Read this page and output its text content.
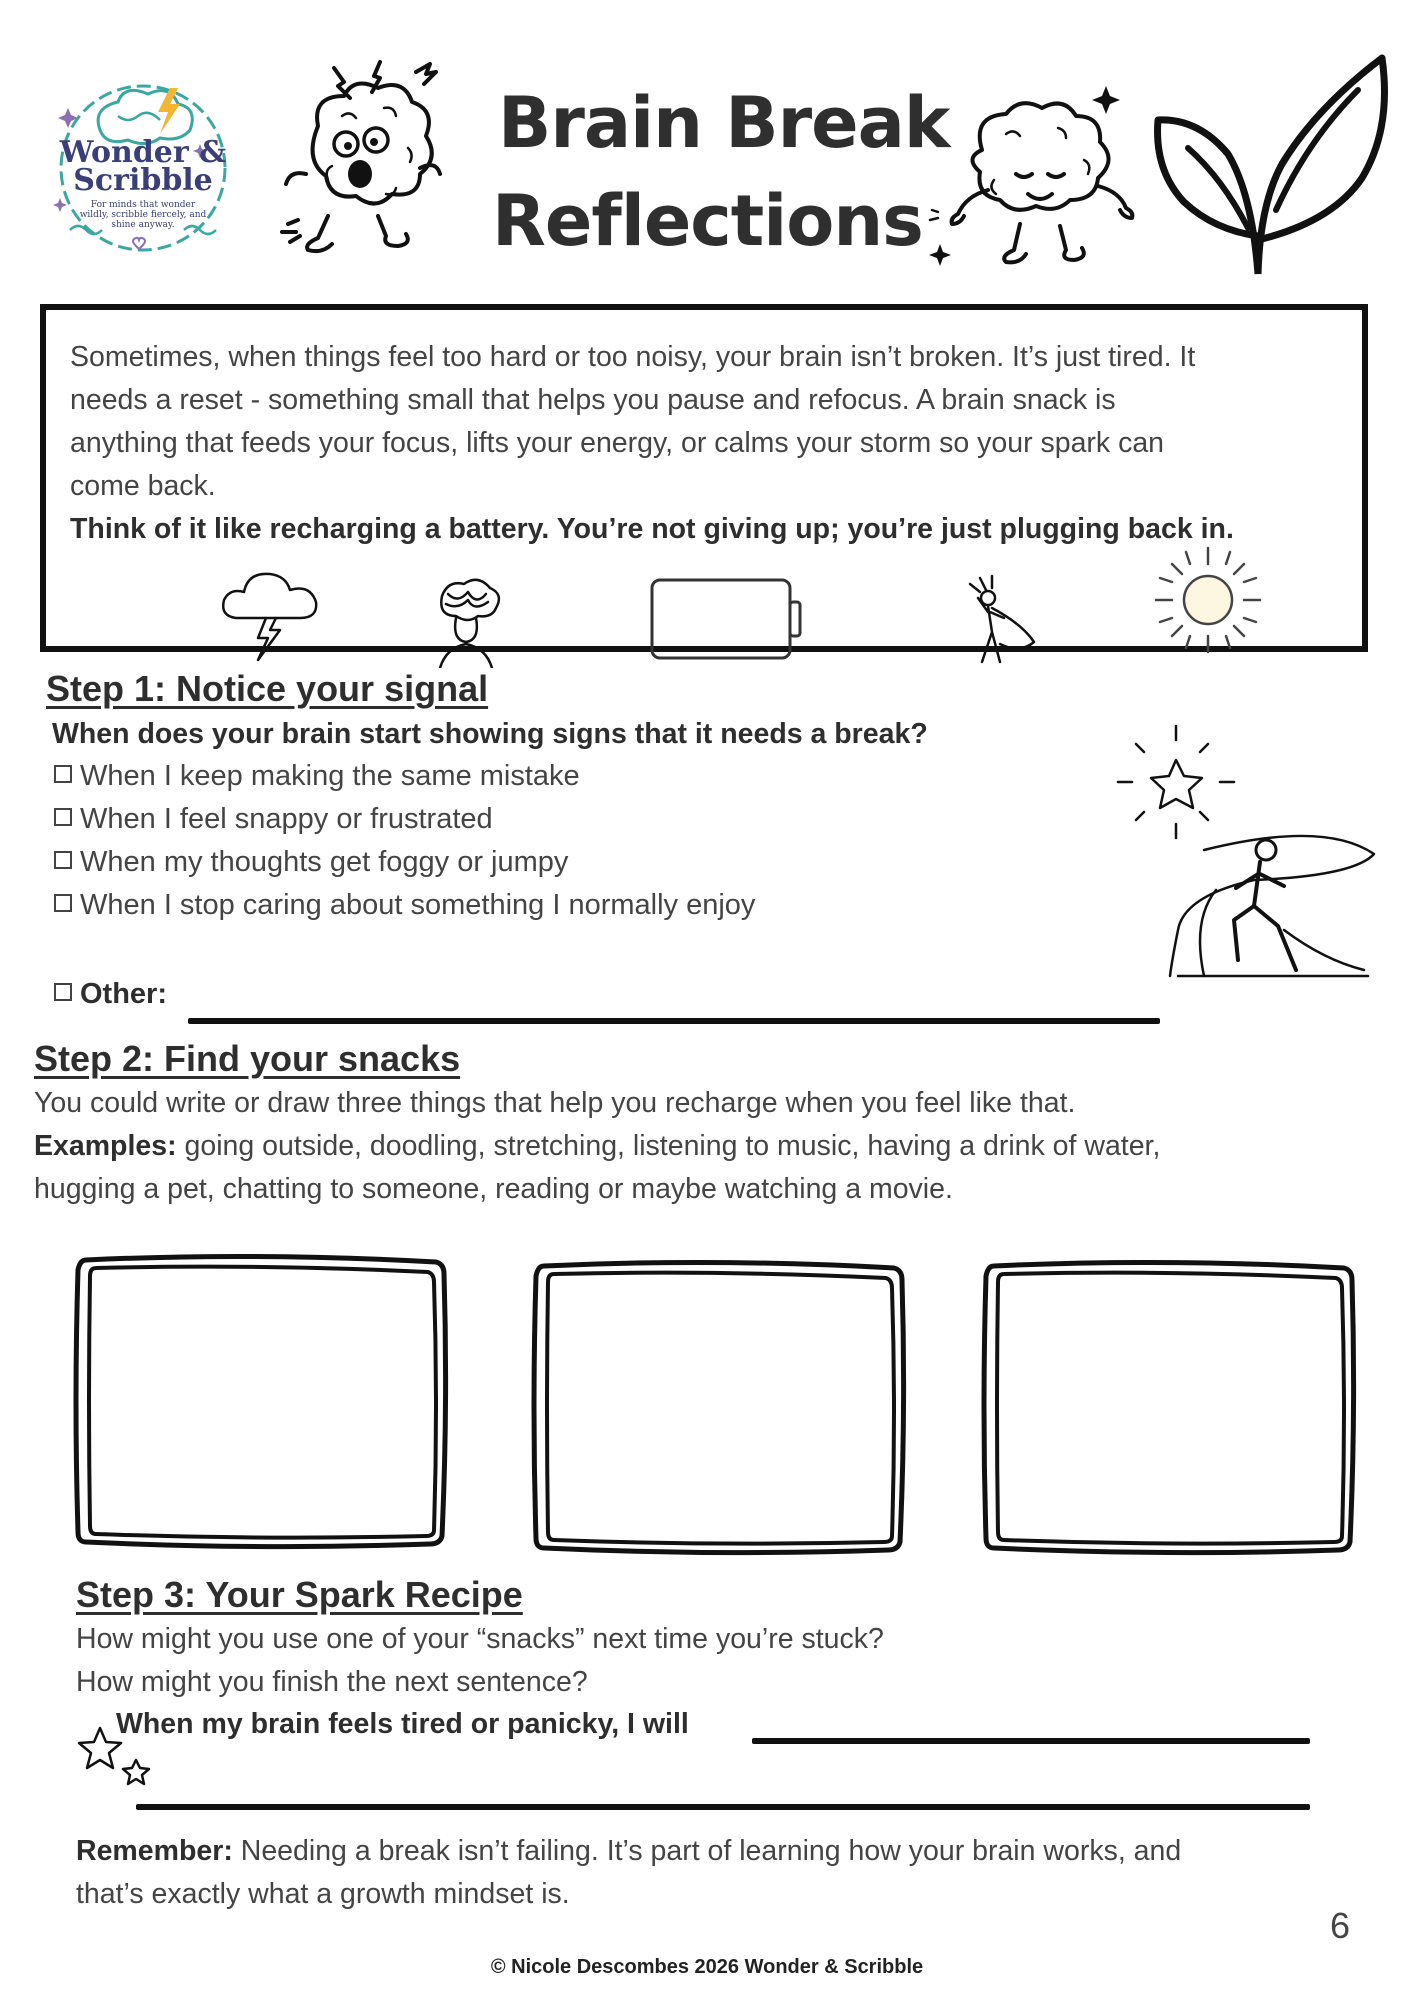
Wonder &
Scribble
For minds that wonder wildly, scribble fiercely, and shine anyway.
Brain Break
Reflections
Sometimes, when things feel too hard or too noisy, your brain isn’t broken. It’s just tired. It
needs a reset - something small that helps you pause and refocus. A brain snack is
anything that feeds your focus, lifts your energy, or calms your storm so your spark can
come back.
Think of it like recharging a battery. You’re not giving up; you’re just plugging back in.
Step 1: Notice your signal
When does your brain start showing signs that it needs a break?
When I keep making the same mistake
When I feel snappy or frustrated
When my thoughts get foggy or jumpy
When I stop caring about something I normally enjoy
Other:
Step 2: Find your snacks
You could write or draw three things that help you recharge when you feel like that.
Examples: going outside, doodling, stretching, listening to music, having a drink of water,
hugging a pet, chatting to someone, reading or maybe watching a movie.
Step 3: Your Spark Recipe
How might you use one of your “snacks” next time you’re stuck?
How might you finish the next sentence?
When my brain feels tired or panicky, I will
Remember: Needing a break isn’t failing. It’s part of learning how your brain works, and
that’s exactly what a growth mindset is.
6
© Nicole Descombes 2026 Wonder & Scribble
